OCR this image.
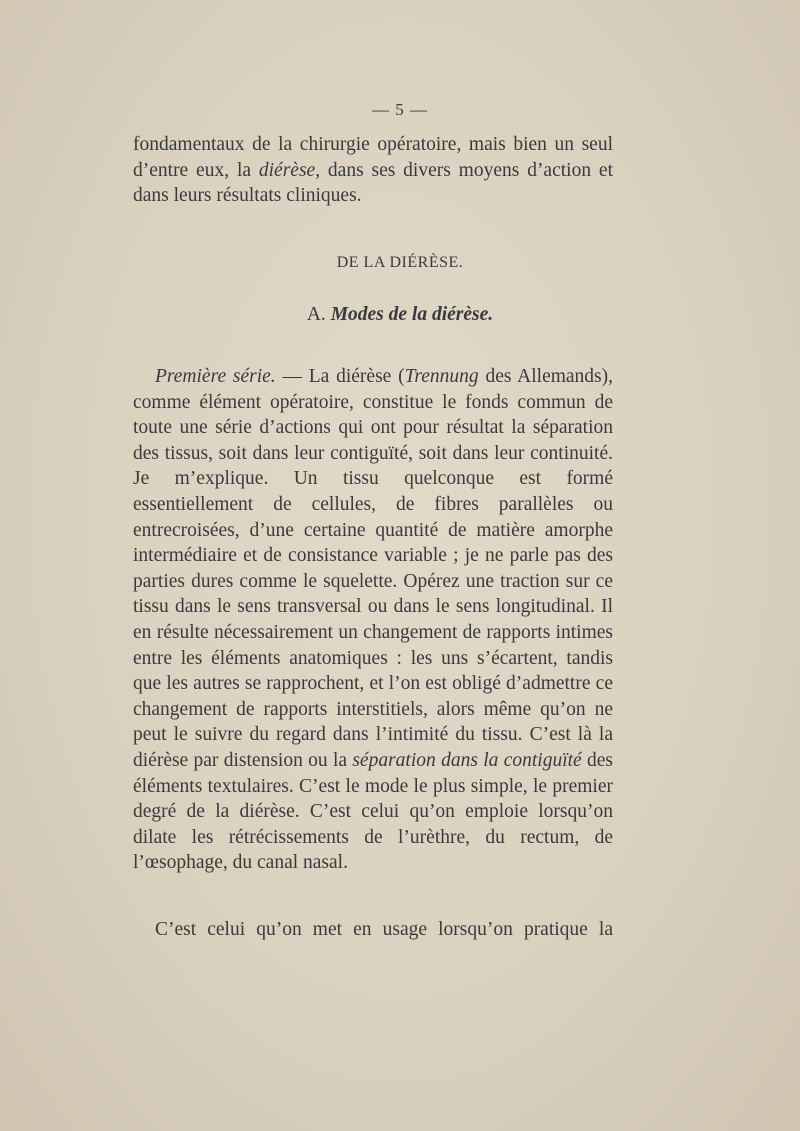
— 5 —

fondamentaux de la chirurgie opératoire, mais bien un seul d’entre eux, la diérèse, dans ses divers moyens d’action et dans leurs résultats cliniques.

DE LA DIÉRÈSE.
A. Modes de la diérèse.

Première série. — La diérèse (Trennung des Allemands), comme élément opératoire, constitue le fonds commun de toute une série d’actions qui ont pour résultat la séparation des tissus, soit dans leur contiguïté, soit dans leur continuité. Je m’explique. Un tissu quelconque est formé essentiellement de cellules, de fibres parallèles ou entrecroisées, d’une certaine quantité de matière amorphe intermédiaire et de consistance variable ; je ne parle pas des parties dures comme le squelette. Opérez une traction sur ce tissu dans le sens transversal ou dans le sens longitudinal. Il en résulte nécessairement un changement de rapports intimes entre les éléments anatomiques : les uns s’écartent, tandis que les autres se rapprochent, et l’on est obligé d’admettre ce changement de rapports interstitiels, alors même qu’on ne peut le suivre du regard dans l’intimité du tissu. C’est là la diérèse par distension ou la séparation dans la contiguïté des éléments textulaires. C’est le mode le plus simple, le premier degré de la diérèse. C’est celui qu’on emploie lorsqu’on dilate les rétrécissements de l’urèthre, du rectum, de l’œsophage, du canal nasal.

C’est celui qu’on met en usage lorsqu’on pratique la
